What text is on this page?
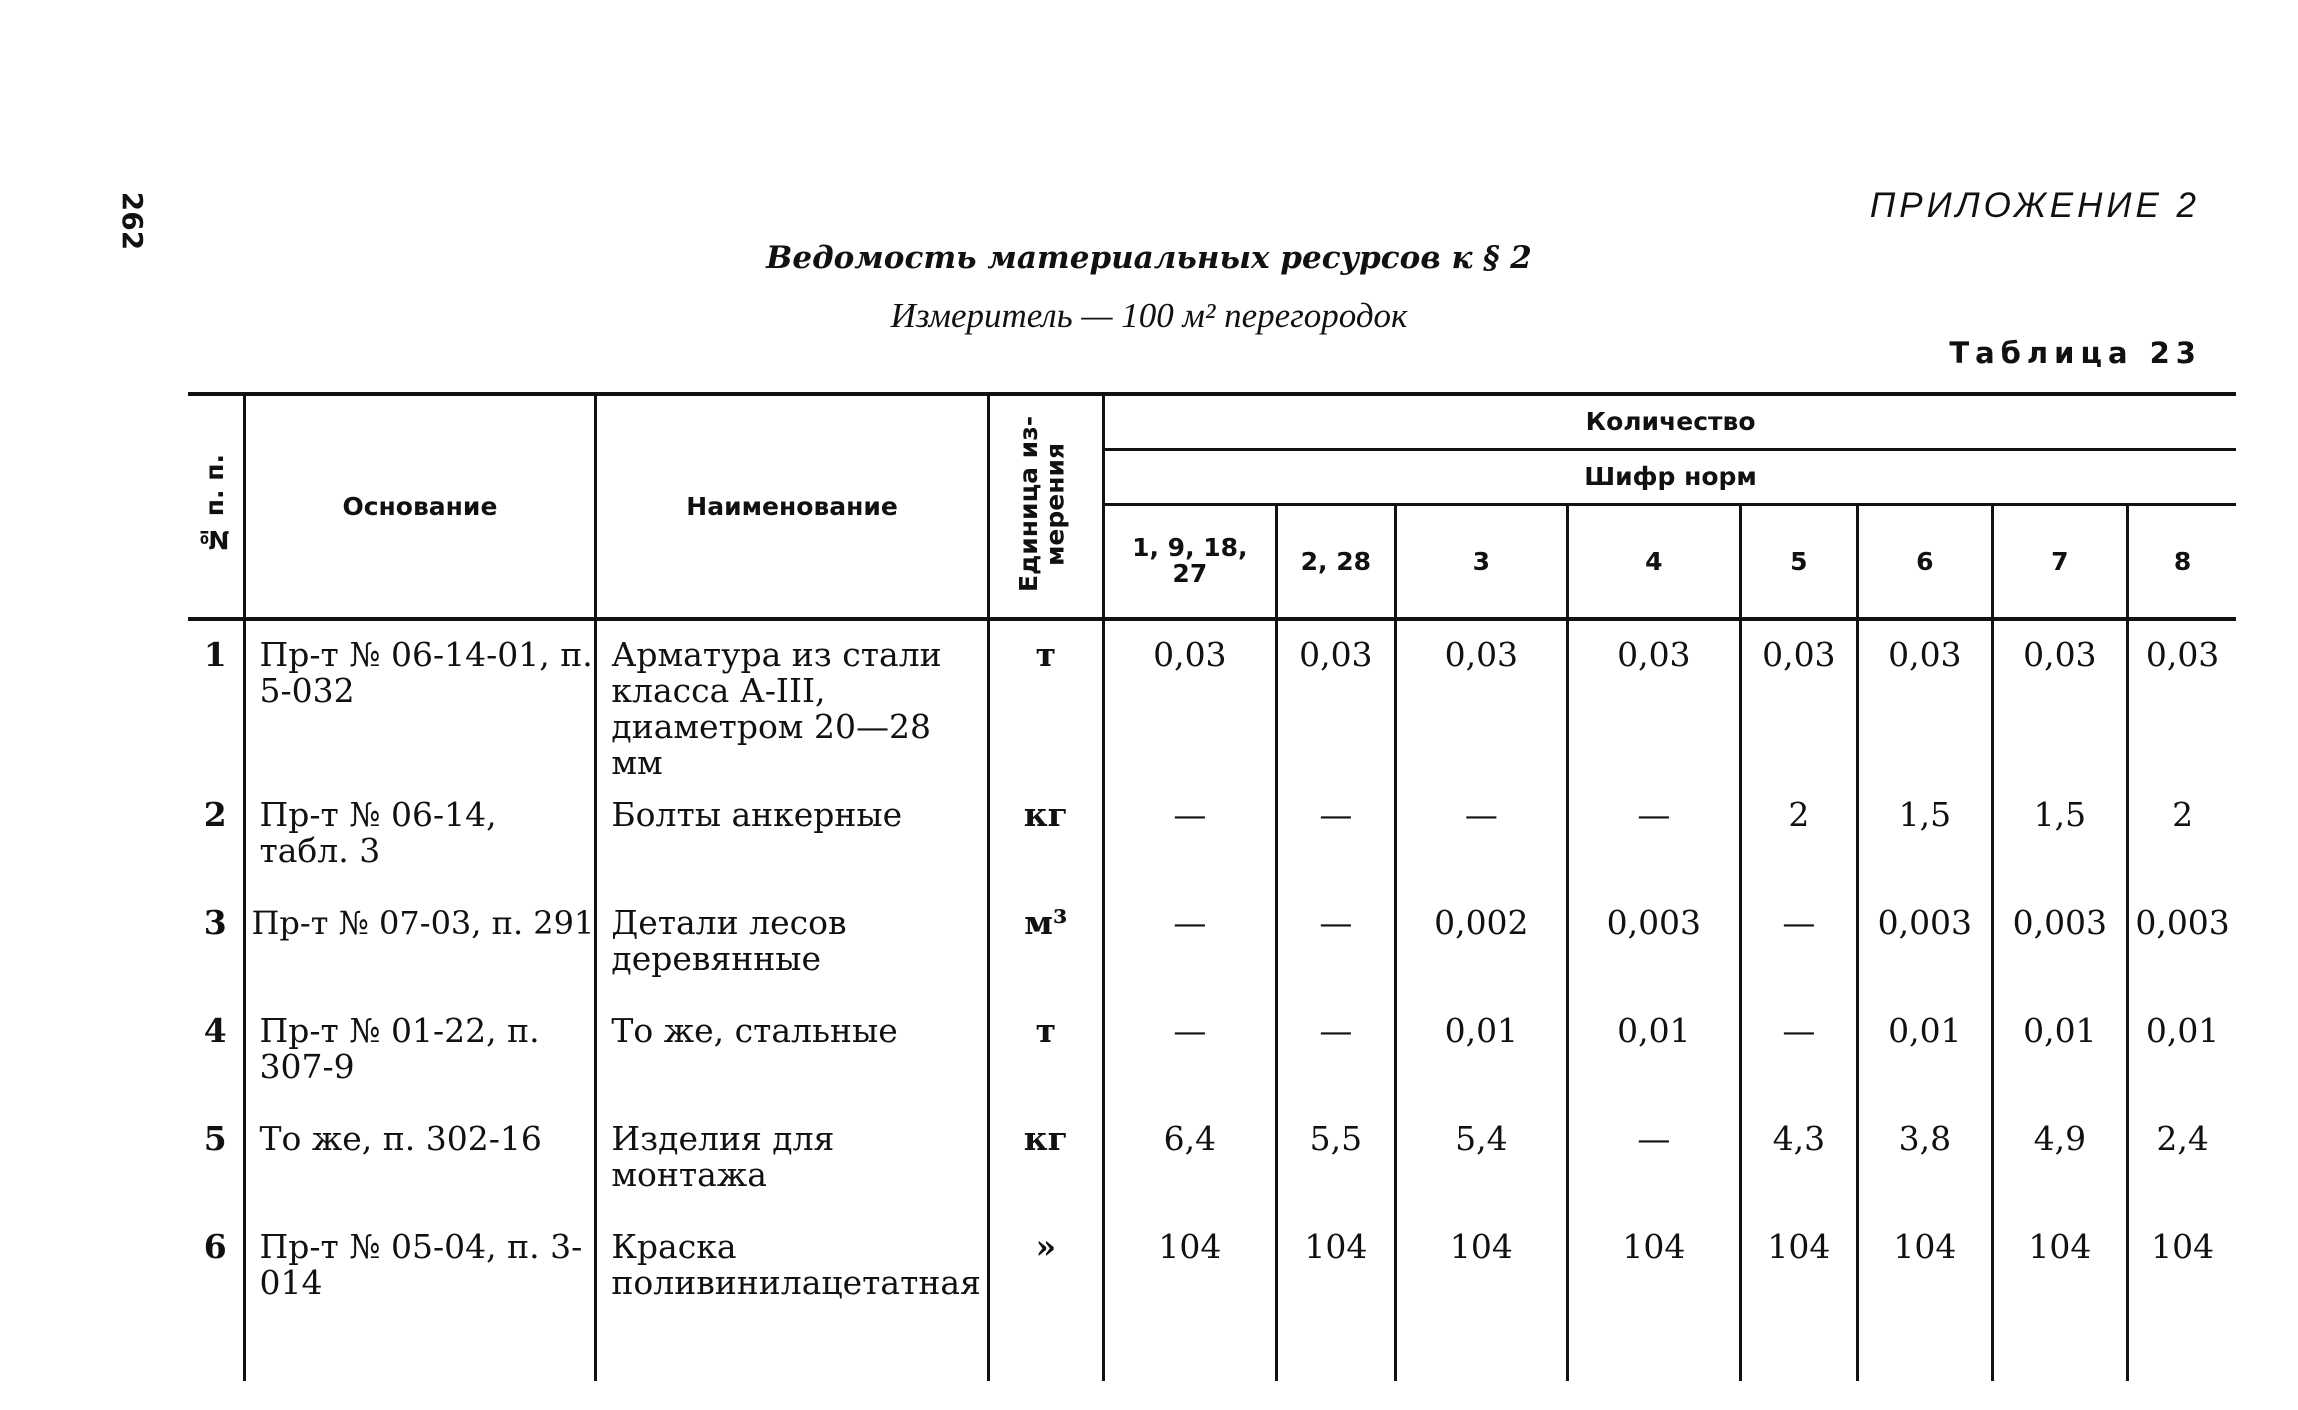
262	ПРИЛОЖЕНИЕ 2
Ведомость материальных ресурсов к § 2
Измеритель — 100 м² перегородок
Таблица 23
№ п. п.	Основание	Наименование	Единица из-мерения	Количество							
				Шифр норм							
				1, 9, 18, 27	2, 28	3	4	5	6	7	8
1	Пр-т № 06-14-01, п. 5-032	Арматура из стали класса А-III, диаметром 20—28 мм	т	0,03	0,03	0,03	0,03	0,03	0,03	0,03	0,03
2	Пр-т № 06-14, табл. 3	Болты анкерные	кг	—	—	—	—	2	1,5	1,5	2
3	Пр-т № 07-03, п. 291	Детали лесов деревянные	м³	—	—	0,002	0,003	—	0,003	0,003	0,003
4	Пр-т № 01-22, п. 307-9	То же, стальные	т	—	—	0,01	0,01	—	0,01	0,01	0,01
5	То же, п. 302-16	Изделия для монтажа	кг	6,4	5,5	5,4	—	4,3	3,8	4,9	2,4
6	Пр-т № 05-04, п. 3-014	Краска поливинилацетатная	»	104	104	104	104	104	104	104	104
